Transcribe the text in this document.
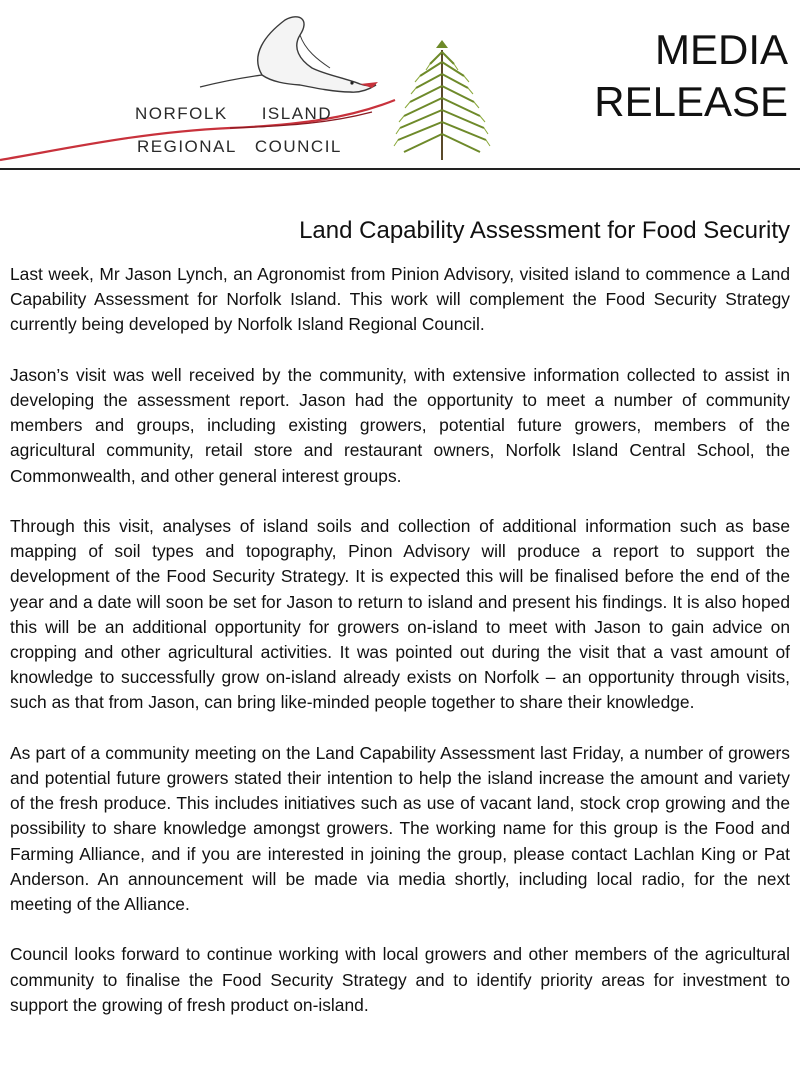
NORFOLK ISLAND
REGIONAL COUNCIL
MEDIA
RELEASE
Land Capability Assessment for Food Security

Last week, Mr Jason Lynch, an Agronomist from Pinion Advisory, visited island to commence a Land Capability Assessment for Norfolk Island. This work will complement the Food Security Strategy currently being developed by Norfolk Island Regional Council.

Jason’s visit was well received by the community, with extensive information collected to assist in developing the assessment report. Jason had the opportunity to meet a number of community members and groups, including existing growers, potential future growers, members of the agricultural community, retail store and restaurant owners, Norfolk Island Central School, the Commonwealth, and other general interest groups.

Through this visit, analyses of island soils and collection of additional information such as base mapping of soil types and topography, Pinon Advisory will produce a report to support the development of the Food Security Strategy. It is expected this will be finalised before the end of the year and a date will soon be set for Jason to return to island and present his findings. It is also hoped this will be an additional opportunity for growers on-island to meet with Jason to gain advice on cropping and other agricultural activities. It was pointed out during the visit that a vast amount of knowledge to successfully grow on-island already exists on Norfolk – an opportunity through visits, such as that from Jason, can bring like-minded people together to share their knowledge.

As part of a community meeting on the Land Capability Assessment last Friday, a number of growers and potential future growers stated their intention to help the island increase the amount and variety of the fresh produce. This includes initiatives such as use of vacant land, stock crop growing and the possibility to share knowledge amongst growers. The working name for this group is the Food and Farming Alliance, and if you are interested in joining the group, please contact Lachlan King or Pat Anderson. An announcement will be made via media shortly, including local radio, for the next meeting of the Alliance.

Council looks forward to continue working with local growers and other members of the agricultural community to finalise the Food Security Strategy and to identify priority areas for investment to support the growing of fresh product on-island.
